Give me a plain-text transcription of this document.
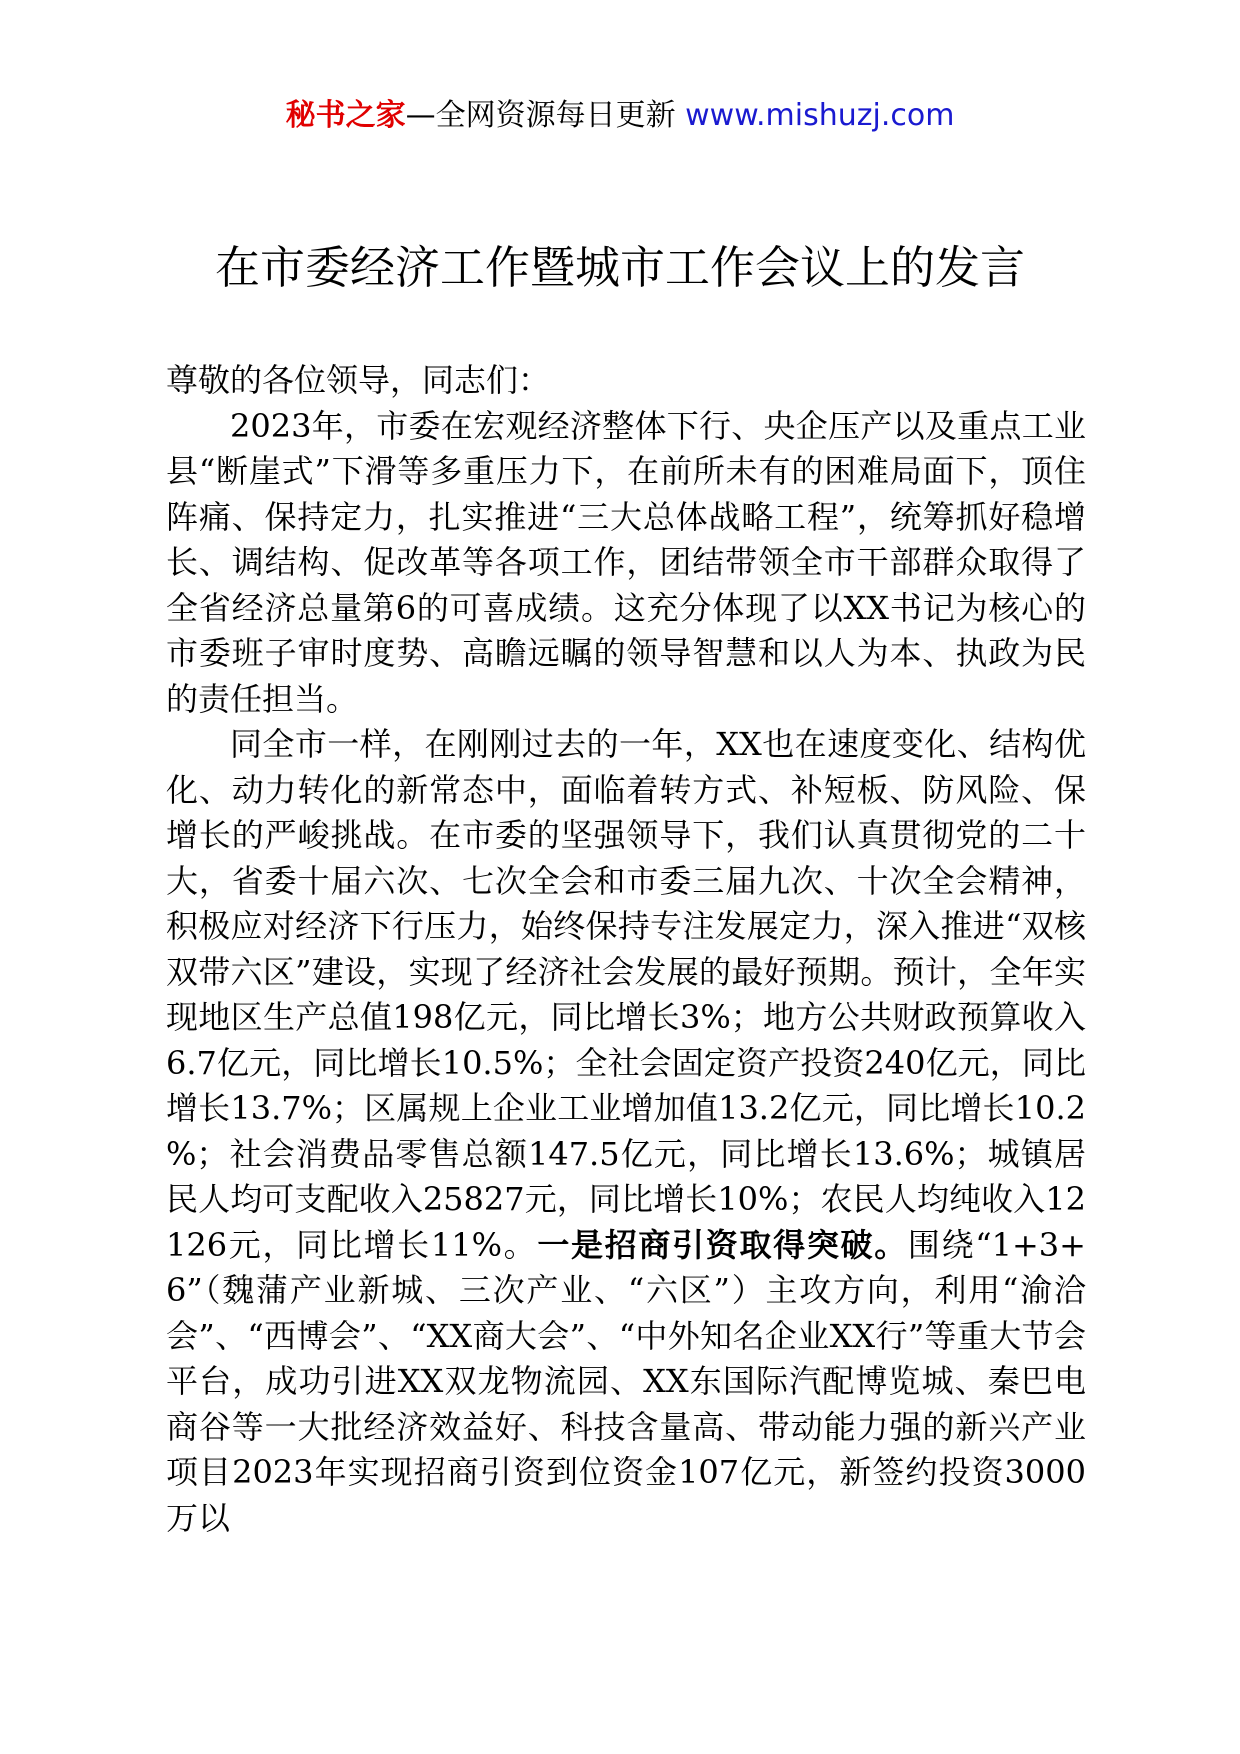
秘书之家—全网资源每日更新 www.mishuzj.com
在市委经济工作暨城市工作会议上的发言

尊敬的各位领导，同志们：

2023年，市委在宏观经济整体下行、央企压产以及重点工业县“断崖式”下滑等多重压力下，在前所未有的困难局面下，顶住阵痛、保持定力，扎实推进“三大总体战略工程”，统筹抓好稳增长、调结构、促改革等各项工作，团结带领全市干部群众取得了全省经济总量第6的可喜成绩。这充分体现了以XX书记为核心的市委班子审时度势、高瞻远瞩的领导智慧和以人为本、执政为民的责任担当。

同全市一样，在刚刚过去的一年，XX也在速度变化、结构优化、动力转化的新常态中，面临着转方式、补短板、防风险、保增长的严峻挑战。在市委的坚强领导下，我们认真贯彻党的二十大，省委十届六次、七次全会和市委三届九次、十次全会精神，积极应对经济下行压力，始终保持专注发展定力，深入推进“双核双带六区”建设，实现了经济社会发展的最好预期。预计，全年实现地区生产总值198亿元，同比增长3%；地方公共财政预算收入6.7亿元，同比增长10.5%；全社会固定资产投资240亿元，同比增长13.7%；区属规上企业工业增加值13.2亿元，同比增长10.2 %；社会消费品零售总额147.5亿元，同比增长13.6%；城镇居民人均可支配收入25827元，同比增长10%；农民人均纯收入12126元，同比增长11%。一是招商引资取得突破。围绕“1+3+6”（魏蒲产业新城、三次产业、“六区”）主攻方向，利用“渝洽会”、“西博会”、“XX商大会”、“中外知名企业XX行”等重大节会平台，成功引进XX双龙物流园、XX东国际汽配博览城、秦巴电商谷等一大批经济效益好、科技含量高、带动能力强的新兴产业项目2023年实现招商引资到位资金107亿元，新签约投资3000万以
